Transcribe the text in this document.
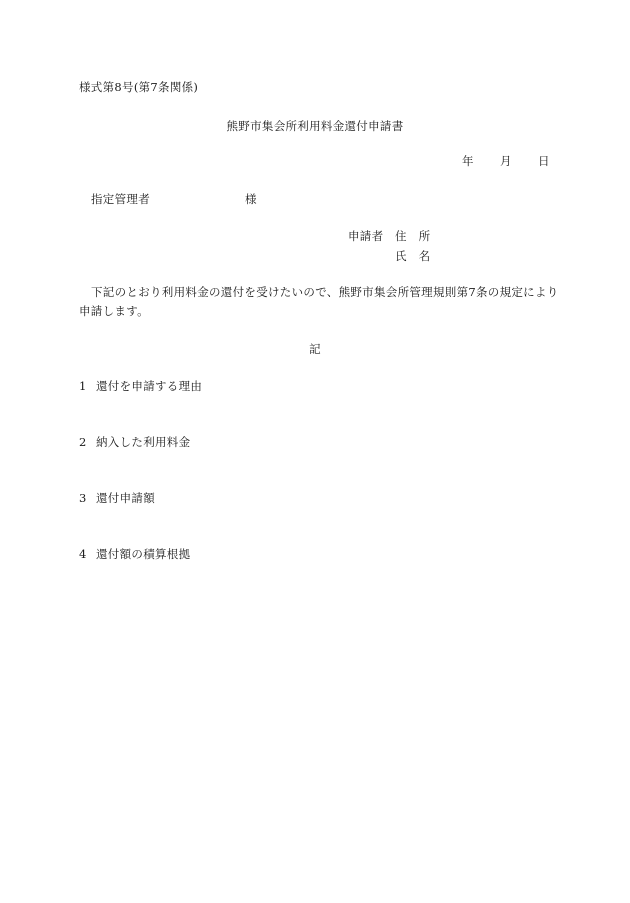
様式第8号(第7条関係)
熊野市集会所利用料金還付申請書
年 月 日
指定管理者	様
申請者 住　所
氏　名
下記のとおり利用料金の還付を受けたいので、熊野市集会所管理規則第7条の規定により
申請します。
記
1 還付を申請する理由
2 納入した利用料金
3 還付申請額
4 還付額の積算根拠
